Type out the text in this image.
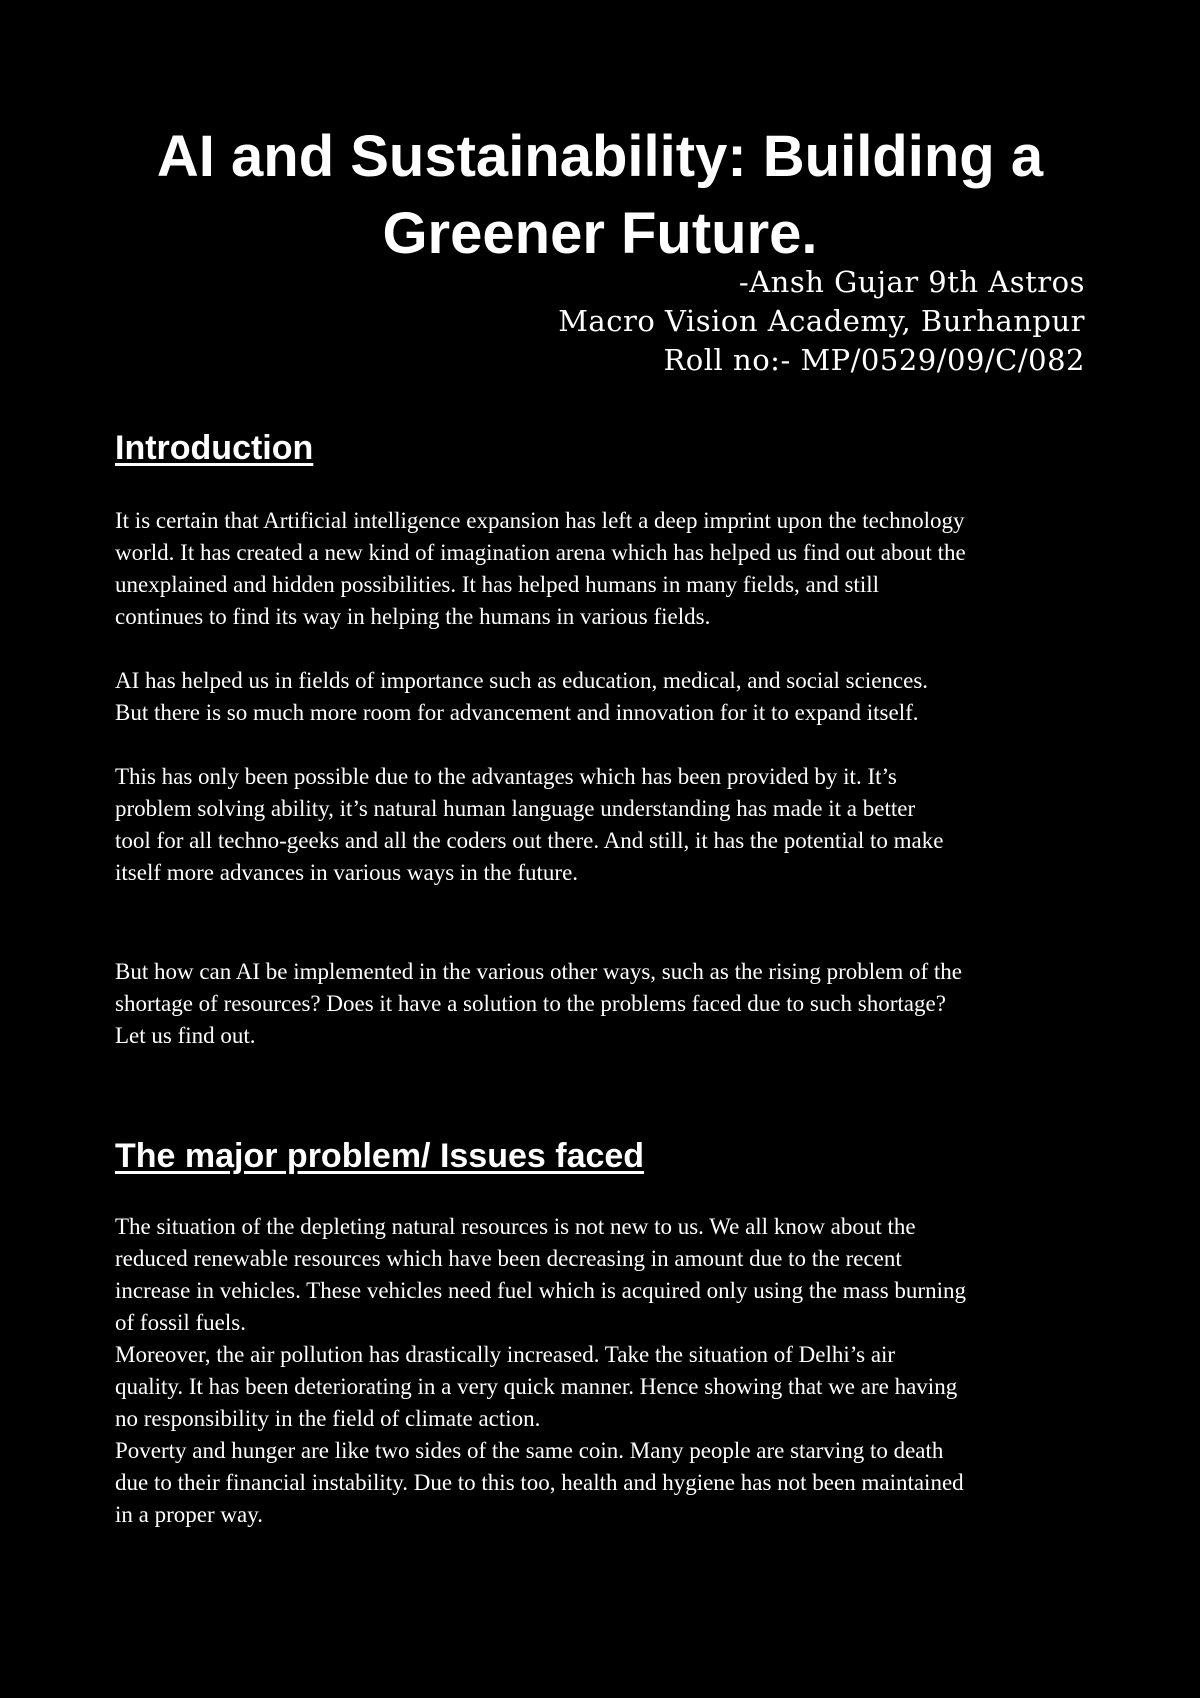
AI and Sustainability: Building a
Greener Future.
-Ansh Gujar 9th Astros
Macro Vision Academy, Burhanpur
Roll no:- MP/0529/09/C/082
Introduction

It is certain that Artificial intelligence expansion has left a deep imprint upon the technology
world. It has created a new kind of imagination arena which has helped us find out about the
unexplained and hidden possibilities. It has helped humans in many fields, and still
continues to find its way in helping the humans in various fields.

AI has helped us in fields of importance such as education, medical, and social sciences.
But there is so much more room for advancement and innovation for it to expand itself.

This has only been possible due to the advantages which has been provided by it. It’s
problem solving ability, it’s natural human language understanding has made it a better
tool for all techno-geeks and all the coders out there. And still, it has the potential to make
itself more advances in various ways in the future.

But how can AI be implemented in the various other ways, such as the rising problem of the
shortage of resources? Does it have a solution to the problems faced due to such shortage?
Let us find out.

The major problem/ Issues faced

The situation of the depleting natural resources is not new to us. We all know about the
reduced renewable resources which have been decreasing in amount due to the recent
increase in vehicles. These vehicles need fuel which is acquired only using the mass burning
of fossil fuels.
Moreover, the air pollution has drastically increased. Take the situation of Delhi’s air
quality. It has been deteriorating in a very quick manner. Hence showing that we are having
no responsibility in the field of climate action.
Poverty and hunger are like two sides of the same coin. Many people are starving to death
due to their financial instability. Due to this too, health and hygiene has not been maintained
in a proper way.
